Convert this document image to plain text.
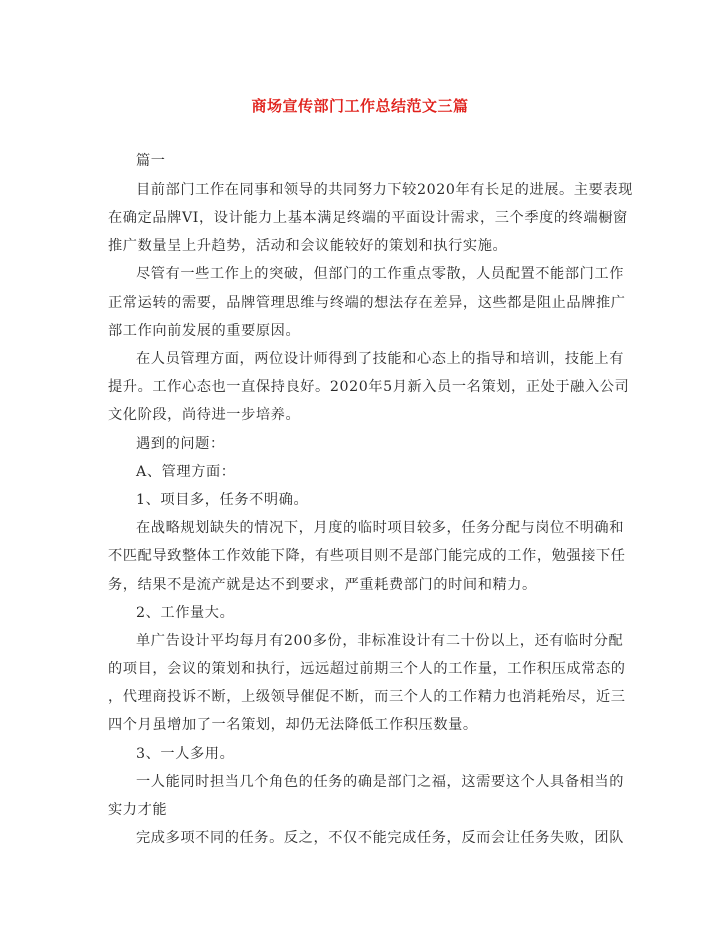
商场宣传部门工作总结范文三篇
篇一
目前部门工作在同事和领导的共同努力下较2020年有长足的进展。主要表现
在确定品牌VI，设计能力上基本满足终端的平面设计需求，三个季度的终端橱窗
推广数量呈上升趋势，活动和会议能较好的策划和执行实施。
尽管有一些工作上的突破，但部门的工作重点零散，人员配置不能部门工作
正常运转的需要，品牌管理思维与终端的想法存在差异，这些都是阻止品牌推广
部工作向前发展的重要原因。
在人员管理方面，两位设计师得到了技能和心态上的指导和培训，技能上有
提升。工作心态也一直保持良好。2020年5月新入员一名策划，正处于融入公司
文化阶段，尚待进一步培养。
遇到的问题：
A、管理方面：
1、项目多，任务不明确。
在战略规划缺失的情况下，月度的临时项目较多，任务分配与岗位不明确和
不匹配导致整体工作效能下降，有些项目则不是部门能完成的工作，勉强接下任
务，结果不是流产就是达不到要求，严重耗费部门的时间和精力。
2、工作量大。
单广告设计平均每月有200多份，非标准设计有二十份以上，还有临时分配
的项目，会议的策划和执行，远远超过前期三个人的工作量，工作积压成常态的
，代理商投诉不断，上级领导催促不断，而三个人的工作精力也消耗殆尽，近三
四个月虽增加了一名策划，却仍无法降低工作积压数量。
3、一人多用。
一人能同时担当几个角色的任务的确是部门之福，这需要这个人具备相当的
实力才能
完成多项不同的任务。反之，不仅不能完成任务，反而会让任务失败，团队
